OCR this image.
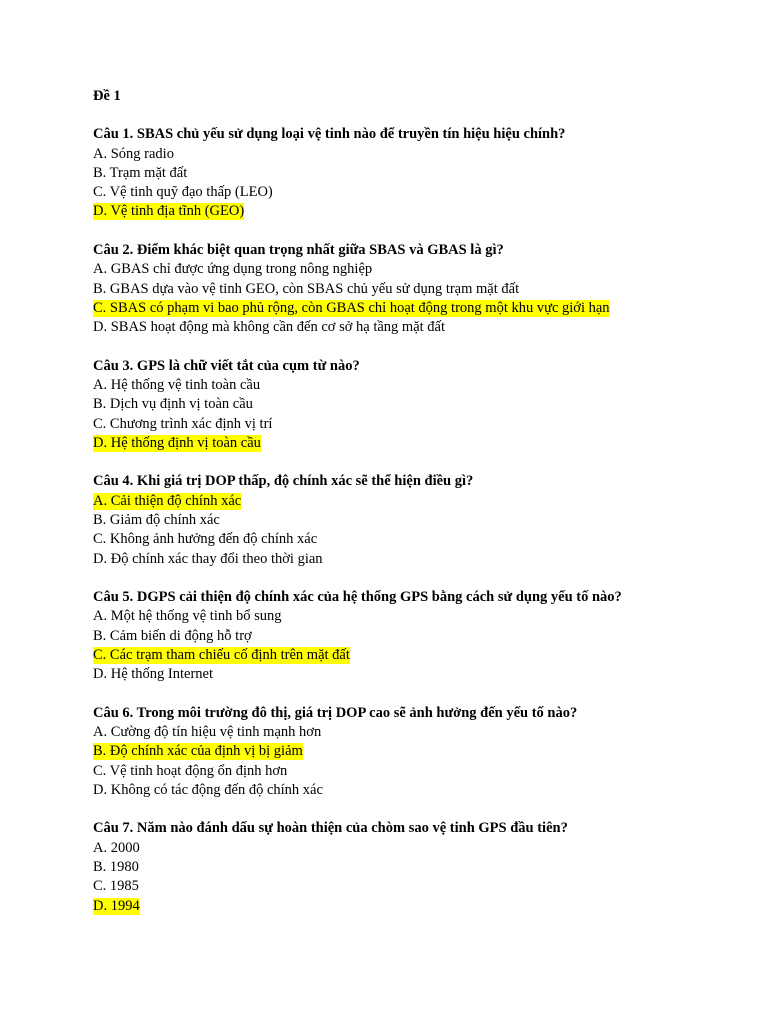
Đề 1
Câu 1. SBAS chủ yếu sử dụng loại vệ tinh nào để truyền tín hiệu hiệu chính?
A. Sóng radio
B. Trạm mặt đất
C. Vệ tinh quỹ đạo thấp (LEO)
D. Vệ tinh địa tĩnh (GEO)
Câu 2. Điểm khác biệt quan trọng nhất giữa SBAS và GBAS là gì?
A. GBAS chỉ được ứng dụng trong nông nghiệp
B. GBAS dựa vào vệ tinh GEO, còn SBAS chủ yếu sử dụng trạm mặt đất
C. SBAS có phạm vi bao phủ rộng, còn GBAS chỉ hoạt động trong một khu vực giới hạn
D. SBAS hoạt động mà không cần đến cơ sở hạ tầng mặt đất
Câu 3. GPS là chữ viết tắt của cụm từ nào?
A. Hệ thống vệ tinh toàn cầu
B. Dịch vụ định vị toàn cầu
C. Chương trình xác định vị trí
D. Hệ thống định vị toàn cầu
Câu 4. Khi giá trị DOP thấp, độ chính xác sẽ thể hiện điều gì?
A. Cải thiện độ chính xác
B. Giảm độ chính xác
C. Không ảnh hưởng đến độ chính xác
D. Độ chính xác thay đổi theo thời gian
Câu 5. DGPS cải thiện độ chính xác của hệ thống GPS bằng cách sử dụng yếu tố nào?
A. Một hệ thống vệ tinh bổ sung
B. Cảm biến di động hỗ trợ
C. Các trạm tham chiếu cố định trên mặt đất
D. Hệ thống Internet
Câu 6. Trong môi trường đô thị, giá trị DOP cao sẽ ảnh hưởng đến yếu tố nào?
A. Cường độ tín hiệu vệ tinh mạnh hơn
B. Độ chính xác của định vị bị giảm
C. Vệ tinh hoạt động ổn định hơn
D. Không có tác động đến độ chính xác
Câu 7. Năm nào đánh dấu sự hoàn thiện của chòm sao vệ tinh GPS đầu tiên?
A. 2000
B. 1980
C. 1985
D. 1994
